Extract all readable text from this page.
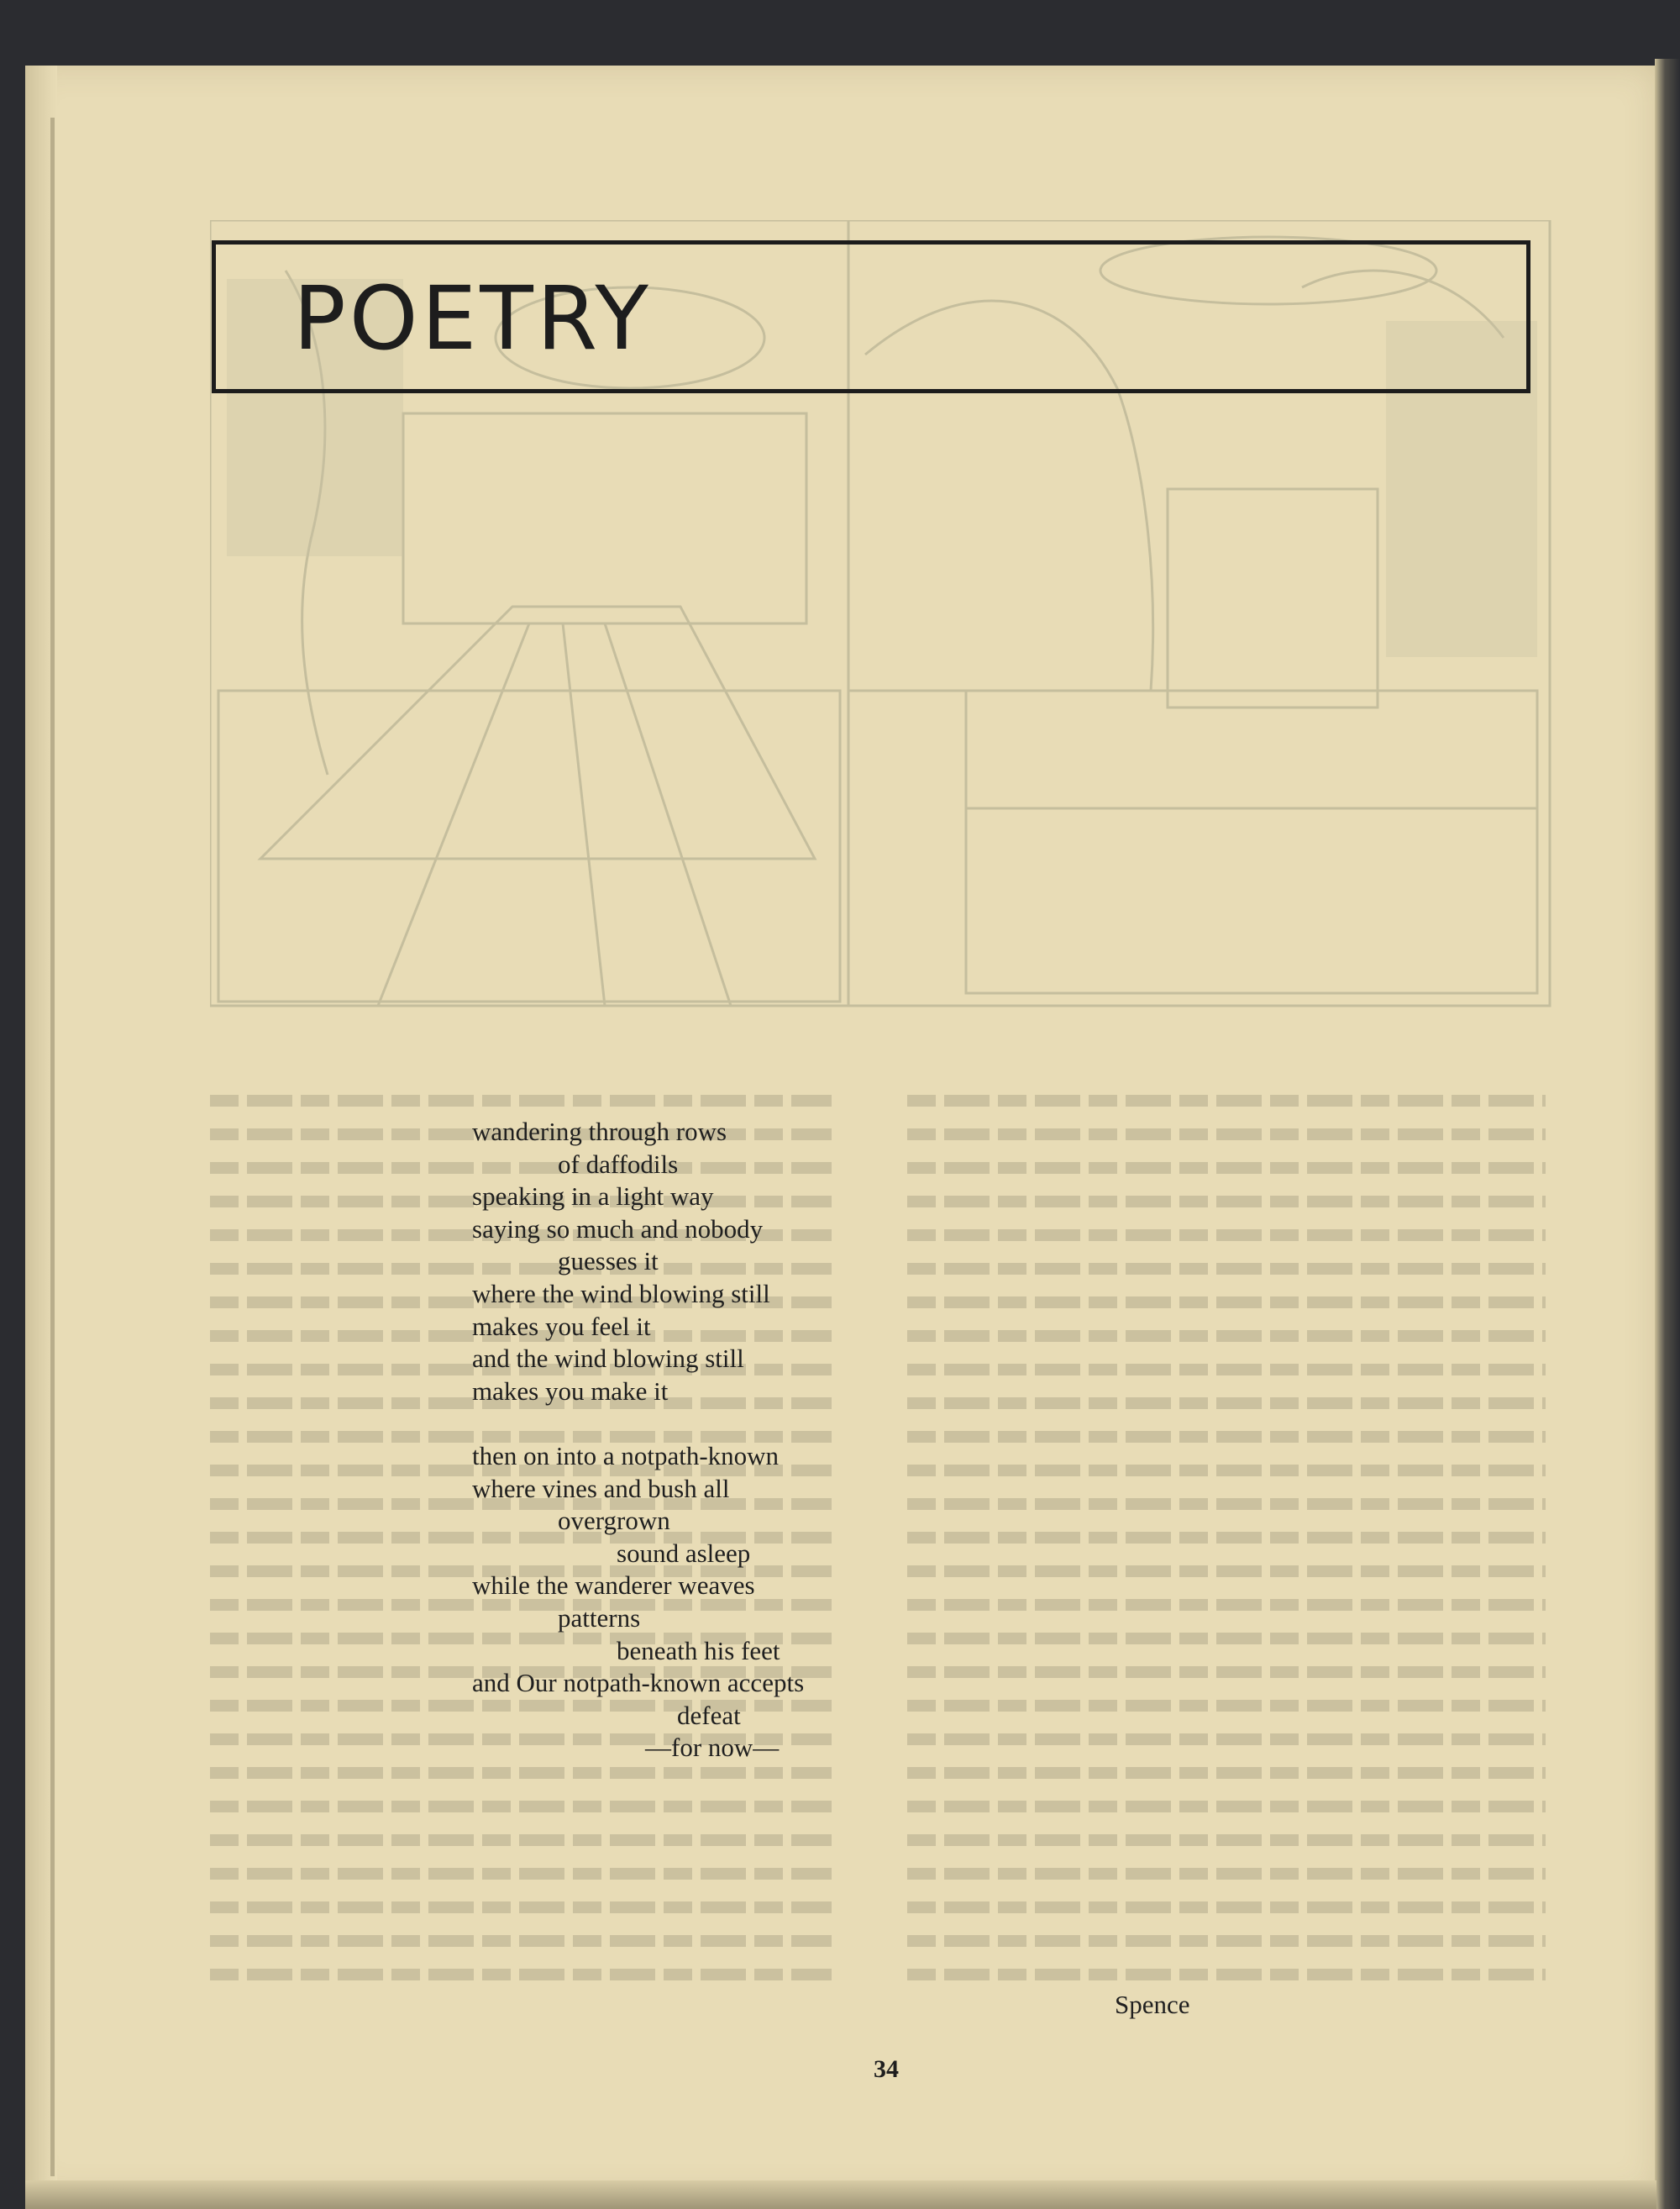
POETRY
wandering through rows
of daffodils
speaking in a light way
saying so much and nobody
guesses it
where the wind blowing still
makes you feel it
and the wind blowing still
makes you make it
then on into a notpath-known
where vines and bush all
overgrown
sound asleep
while the wanderer weaves
patterns
beneath his feet
and Our notpath-known accepts
defeat
—for now—
Spence
34
